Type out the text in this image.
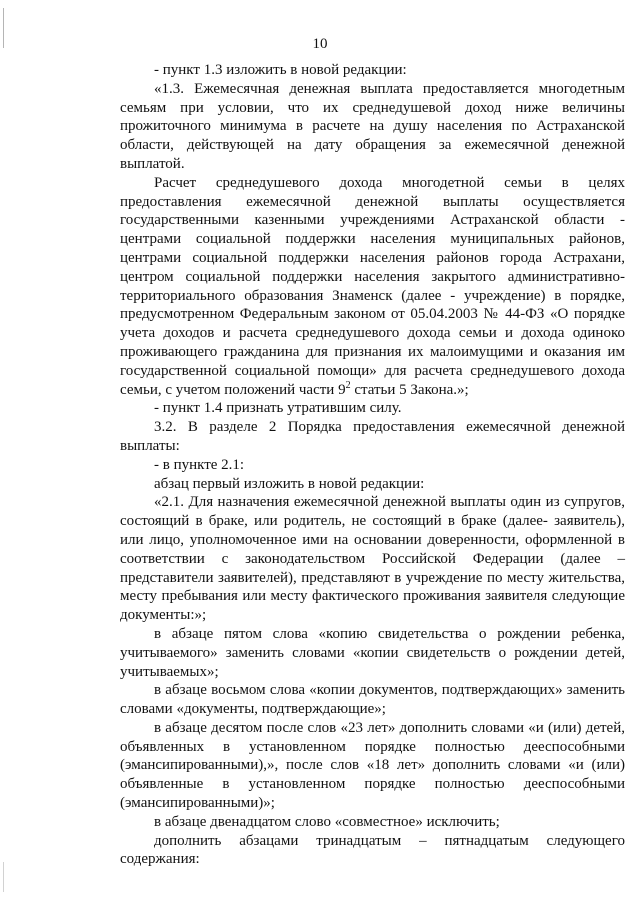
10

- пункт 1.3 изложить в новой редакции:

«1.3. Ежемесячная денежная выплата предоставляется многодетным семьям при условии, что их среднедушевой доход ниже величины прожиточного минимума в расчете на душу населения по Астраханской области, действующей на дату обращения за ежемесячной денежной выплатой.

Расчет среднедушевого дохода многодетной семьи в целях предоставления ежемесячной денежной выплаты осуществляется государственными казенными учреждениями Астраханской области - центрами социальной поддержки населения муниципальных районов, центрами социальной поддержки населения районов города Астрахани, центром социальной поддержки населения закрытого административно-территориального образования Знаменск (далее - учреждение) в порядке, предусмотренном Федеральным законом от 05.04.2003 № 44-ФЗ «О порядке учета доходов и расчета среднедушевого дохода семьи и дохода одиноко проживающего гражданина для признания их малоимущими и оказания им государственной социальной помощи» для расчета среднедушевого дохода семьи, с учетом положений части $9^2$ статьи 5 Закона.»;

- пункт 1.4 признать утратившим силу.

3.2. В разделе 2 Порядка предоставления ежемесячной денежной выплаты:

- в пункте 2.1:

абзац первый изложить в новой редакции:

«2.1. Для назначения ежемесячной денежной выплаты один из супругов, состоящий в браке, или родитель, не состоящий в браке (далее- заявитель), или лицо, уполномоченное ими на основании доверенности, оформленной в соответствии с законодательством Российской Федерации (далее – представители заявителей), представляют в учреждение по месту жительства, месту пребывания или месту фактического проживания заявителя следующие документы:»;

в абзаце пятом слова «копию свидетельства о рождении ребенка, учитываемого» заменить словами «копии свидетельств о рождении детей, учитываемых»;

в абзаце восьмом слова «копии документов, подтверждающих» заменить словами «документы, подтверждающие»;

в абзаце десятом после слов «23 лет» дополнить словами «и (или) детей, объявленных в установленном порядке полностью дееспособными (эмансипированными),», после слов «18 лет» дополнить словами «и (или) объявленные в установленном порядке полностью дееспособными (эмансипированными)»;

в абзаце двенадцатом слово «совместное» исключить;

дополнить абзацами тринадцатым – пятнадцатым следующего содержания:
